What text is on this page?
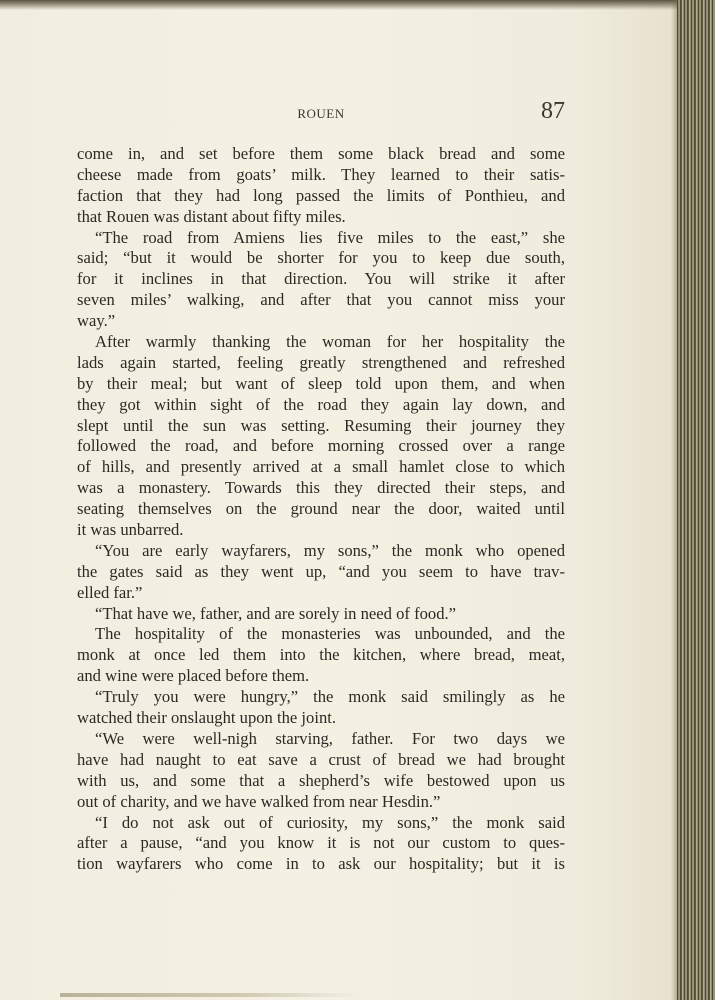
ROUEN	87
come in, and set before them some black bread and some
cheese made from goats’ milk. They learned to their satis-
faction that they had long passed the limits of Ponthieu, and
that Rouen was distant about fifty miles.
“The road from Amiens lies five miles to the east,” she
said; “but it would be shorter for you to keep due south,
for it inclines in that direction. You will strike it after
seven miles’ walking, and after that you cannot miss your
way.”
After warmly thanking the woman for her hospitality the
lads again started, feeling greatly strengthened and refreshed
by their meal; but want of sleep told upon them, and when
they got within sight of the road they again lay down, and
slept until the sun was setting. Resuming their journey they
followed the road, and before morning crossed over a range
of hills, and presently arrived at a small hamlet close to which
was a monastery. Towards this they directed their steps, and
seating themselves on the ground near the door, waited until
it was unbarred.
“You are early wayfarers, my sons,” the monk who opened
the gates said as they went up, “and you seem to have trav-
elled far.”
“That have we, father, and are sorely in need of food.”
The hospitality of the monasteries was unbounded, and the
monk at once led them into the kitchen, where bread, meat,
and wine were placed before them.
“Truly you were hungry,” the monk said smilingly as he
watched their onslaught upon the joint.
“We were well-nigh starving, father. For two days we
have had naught to eat save a crust of bread we had brought
with us, and some that a shepherd’s wife bestowed upon us
out of charity, and we have walked from near Hesdin.”
“I do not ask out of curiosity, my sons,” the monk said
after a pause, “and you know it is not our custom to ques-
tion wayfarers who come in to ask our hospitality; but it is
